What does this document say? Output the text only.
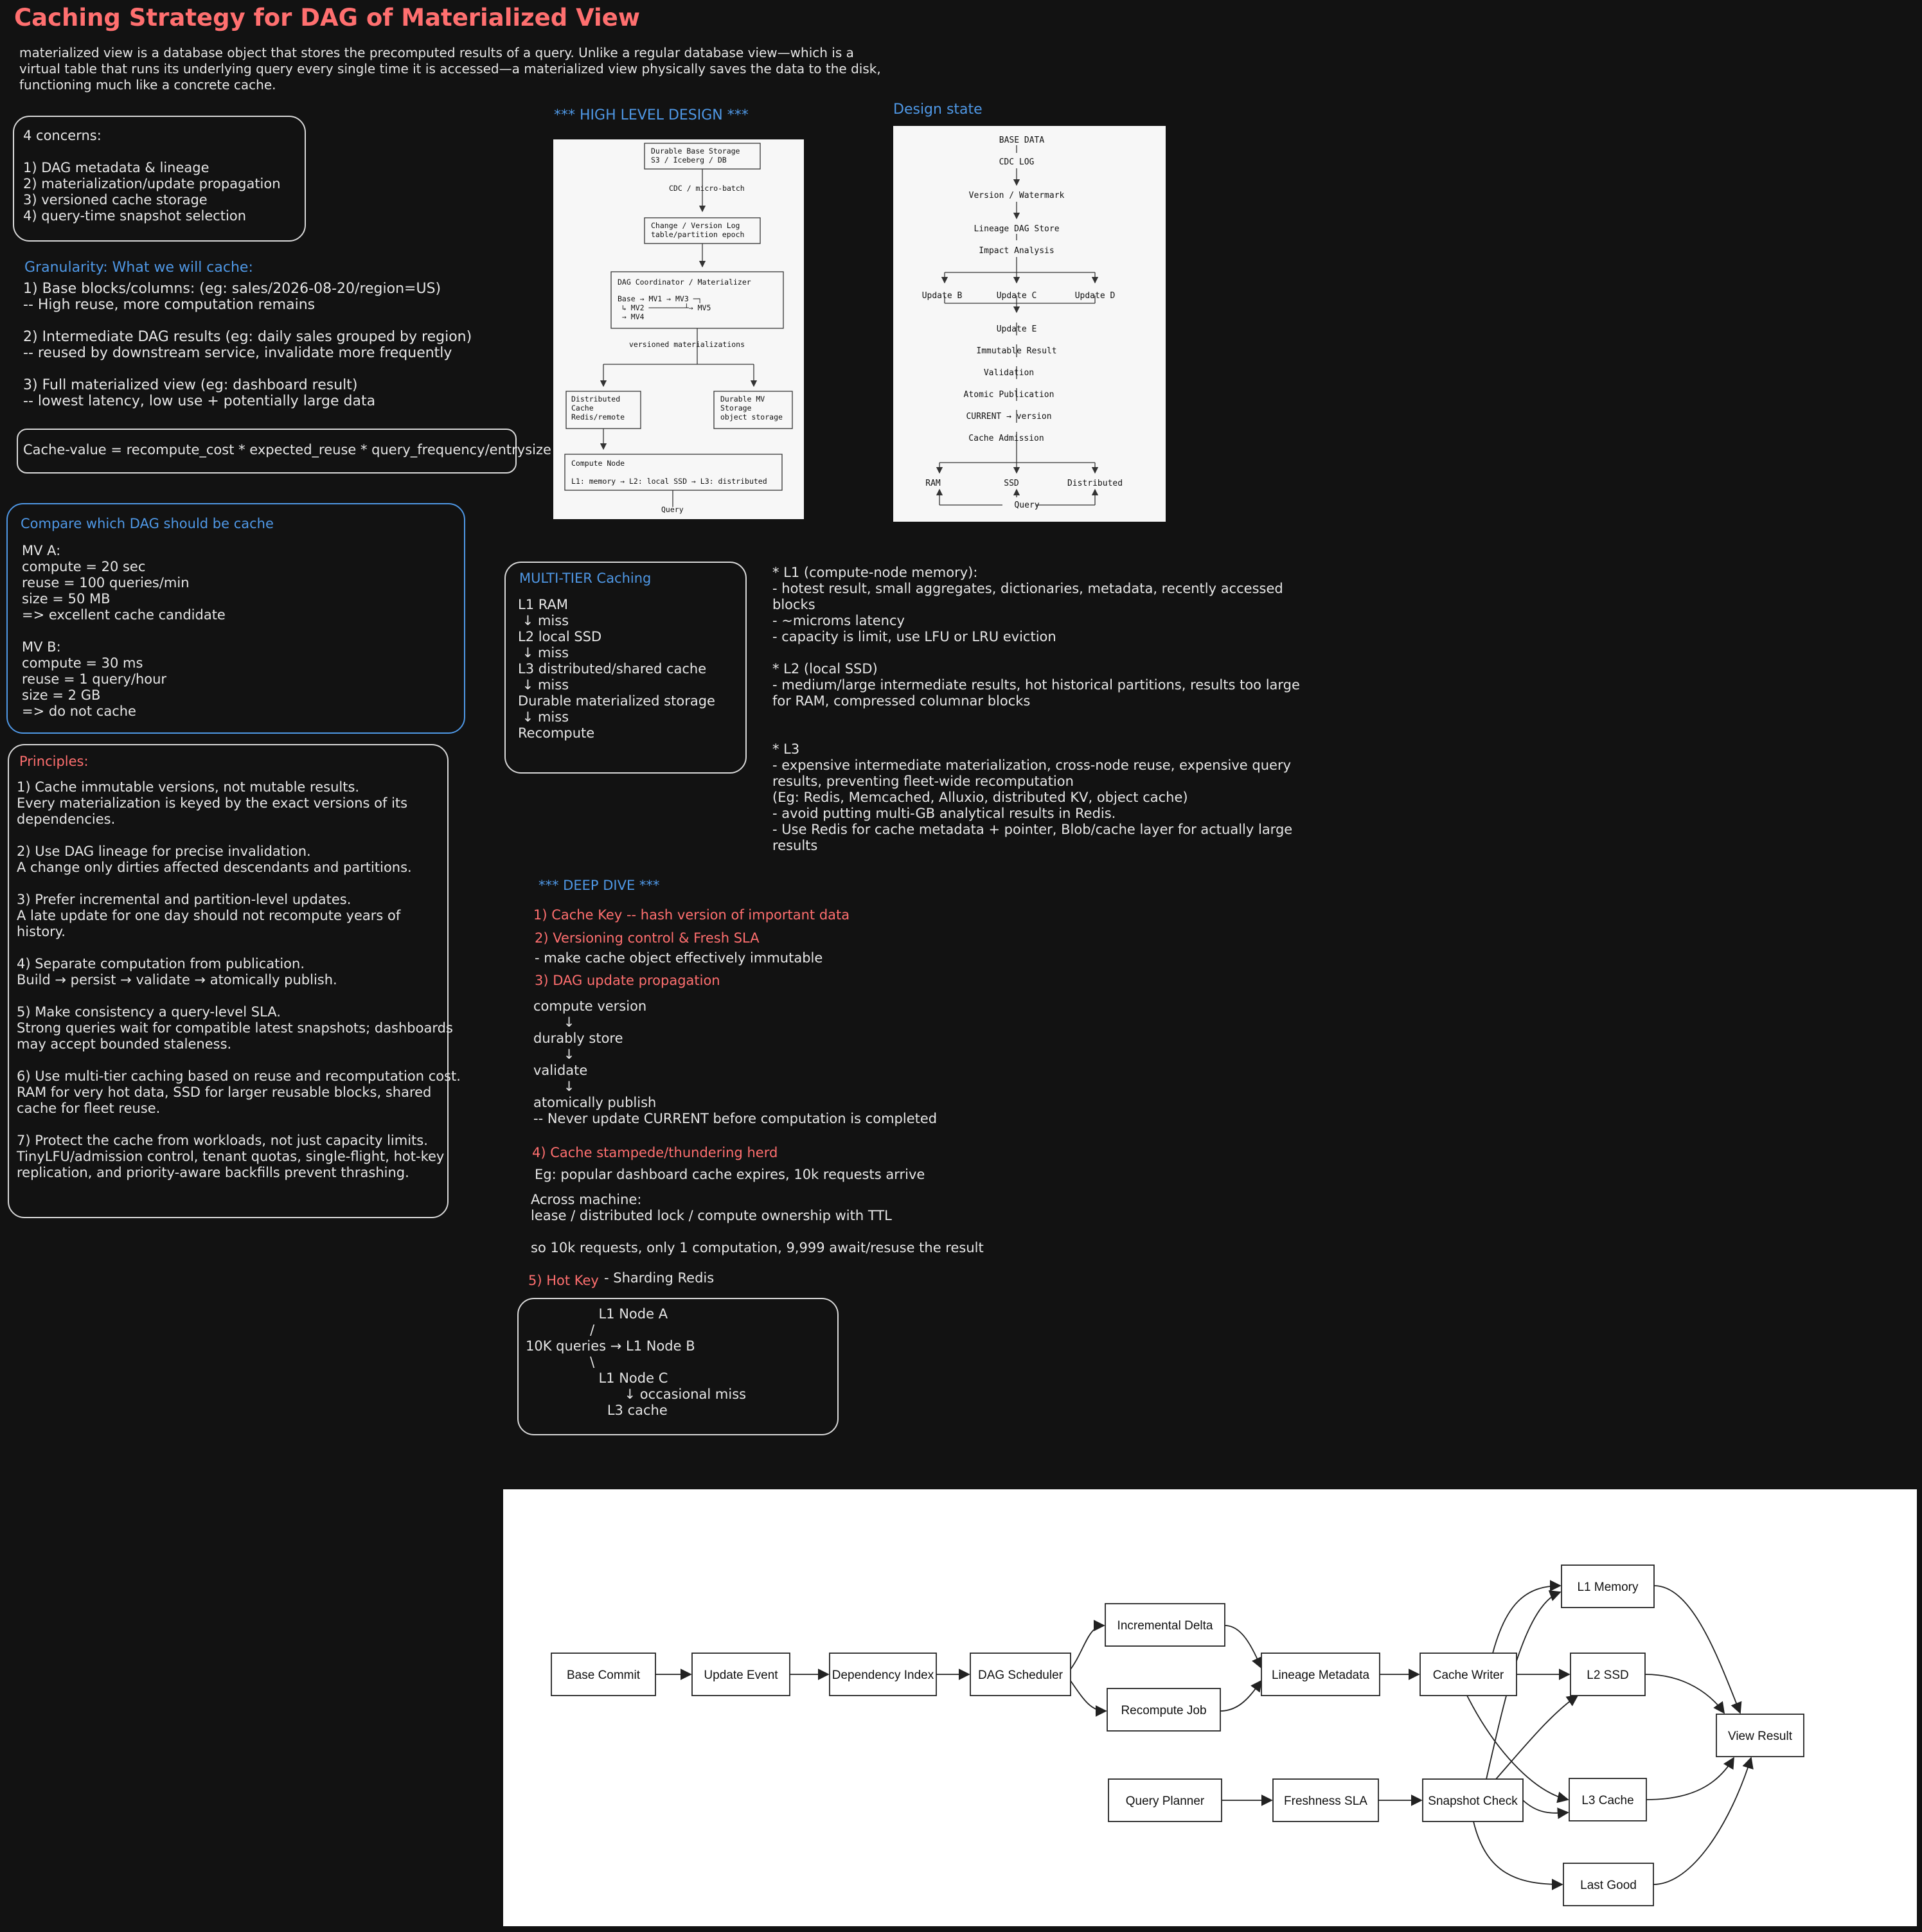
Caching Strategy for DAG of Materialized View
materialized view is a database object that stores the precomputed results of a query. Unlike a regular database view—which is a
virtual table that runs its underlying query every single time it is accessed—a materialized view physically saves the data to the disk,
functioning much like a concrete cache.
4 concerns:

1) DAG metadata & lineage
2) materialization/update propagation
3) versioned cache storage
4) query-time snapshot selection
Granularity: What we will cache:
1) Base blocks/columns: (eg: sales/2026-08-20/region=US)
-- High reuse, more computation remains

2) Intermediate DAG results (eg: daily sales grouped by region)
-- reused by downstream service, invalidate more frequently

3) Full materialized view (eg: dashboard result)
-- lowest latency, low use + potentially large data
Cache-value = recompute_cost * expected_reuse * query_frequency/entrysize
Compare which DAG should be cache
MV A:
compute = 20 sec
reuse = 100 queries/min
size = 50 MB
=> excellent cache candidate

MV B:
compute = 30 ms
reuse = 1 query/hour
size = 2 GB
=> do not cache
Principles:
1) Cache immutable versions, not mutable results.
Every materialization is keyed by the exact versions of its
dependencies.

2) Use DAG lineage for precise invalidation.
A change only dirties affected descendants and partitions.

3) Prefer incremental and partition-level updates.
A late update for one day should not recompute years of
history.

4) Separate computation from publication.
Build → persist → validate → atomically publish.

5) Make consistency a query-level SLA.
Strong queries wait for compatible latest snapshots; dashboards
may accept bounded staleness.

6) Use multi-tier caching based on reuse and recomputation cost.
RAM for very hot data, SSD for larger reusable blocks, shared
cache for fleet reuse.

7) Protect the cache from workloads, not just capacity limits.
TinyLFU/admission control, tenant quotas, single-flight, hot-key
replication, and priority-aware backfills prevent thrashing.
*** HIGH LEVEL DESIGN ***
Durable Base Storage S3 / Iceberg / DB
CDC / micro-batch
Change / Version Log table/partition epoch
DAG Coordinator / Materializer
Base → MV1 → MV3 ─┐ ↳ MV2 ────────┴→ MV5 → MV4
versioned materializations
Distributed Cache Redis/remote
Durable MV Storage object storage
Compute Node
L1: memory → L2: local SSD → L3: distributed
Query
Design state
BASE DATA
CDC LOG
Version / Watermark
Lineage DAG Store
Impact Analysis
Update B	Update C	Update D
Update E
Immutable Result
Validation
Atomic Publication
CURRENT → version
Cache Admission
RAM	SSD	Distributed
Query
MULTI-TIER Caching
L1 RAM
↓ miss
L2 local SSD
↓ miss
L3 distributed/shared cache
↓ miss
Durable materialized storage
↓ miss
Recompute
* L1 (compute-node memory):
- hotest result, small aggregates, dictionaries, metadata, recently accessed
blocks
- ~microms latency
- capacity is limit, use LFU or LRU eviction

* L2 (local SSD)
- medium/large intermediate results, hot historical partitions, results too large
for RAM, compressed columnar blocks

* L3
- expensive intermediate materialization, cross-node reuse, expensive query
results, preventing fleet-wide recomputation
(Eg: Redis, Memcached, Alluxio, distributed KV, object cache)
- avoid putting multi-GB analytical results in Redis.
- Use Redis for cache metadata + pointer, Blob/cache layer for actually large
results
*** DEEP DIVE ***
1) Cache Key -- hash version of important data
2) Versioning control & Fresh SLA
- make cache object effectively immutable
3) DAG update propagation
compute version
↓
durably store
↓
validate
↓
atomically publish
-- Never update CURRENT before computation is completed
4) Cache stampede/thundering herd
Eg: popular dashboard cache expires, 10k requests arrive
Across machine:
lease / distributed lock / compute ownership with TTL

so 10k requests, only 1 computation, 9,999 await/resuse the result
5) Hot Key - Sharding Redis
L1 Node A
/
10K queries → L1 Node B
\
L1 Node C
↓ occasional miss
L3 cache
Base Commit	Update Event	Dependency Index	DAG Scheduler
Incremental Delta
Recompute Job
Lineage Metadata	Cache Writer
L1 Memory
L2 SSD
L3 Cache
Last Good
View Result
Query Planner	Freshness SLA	Snapshot Check
